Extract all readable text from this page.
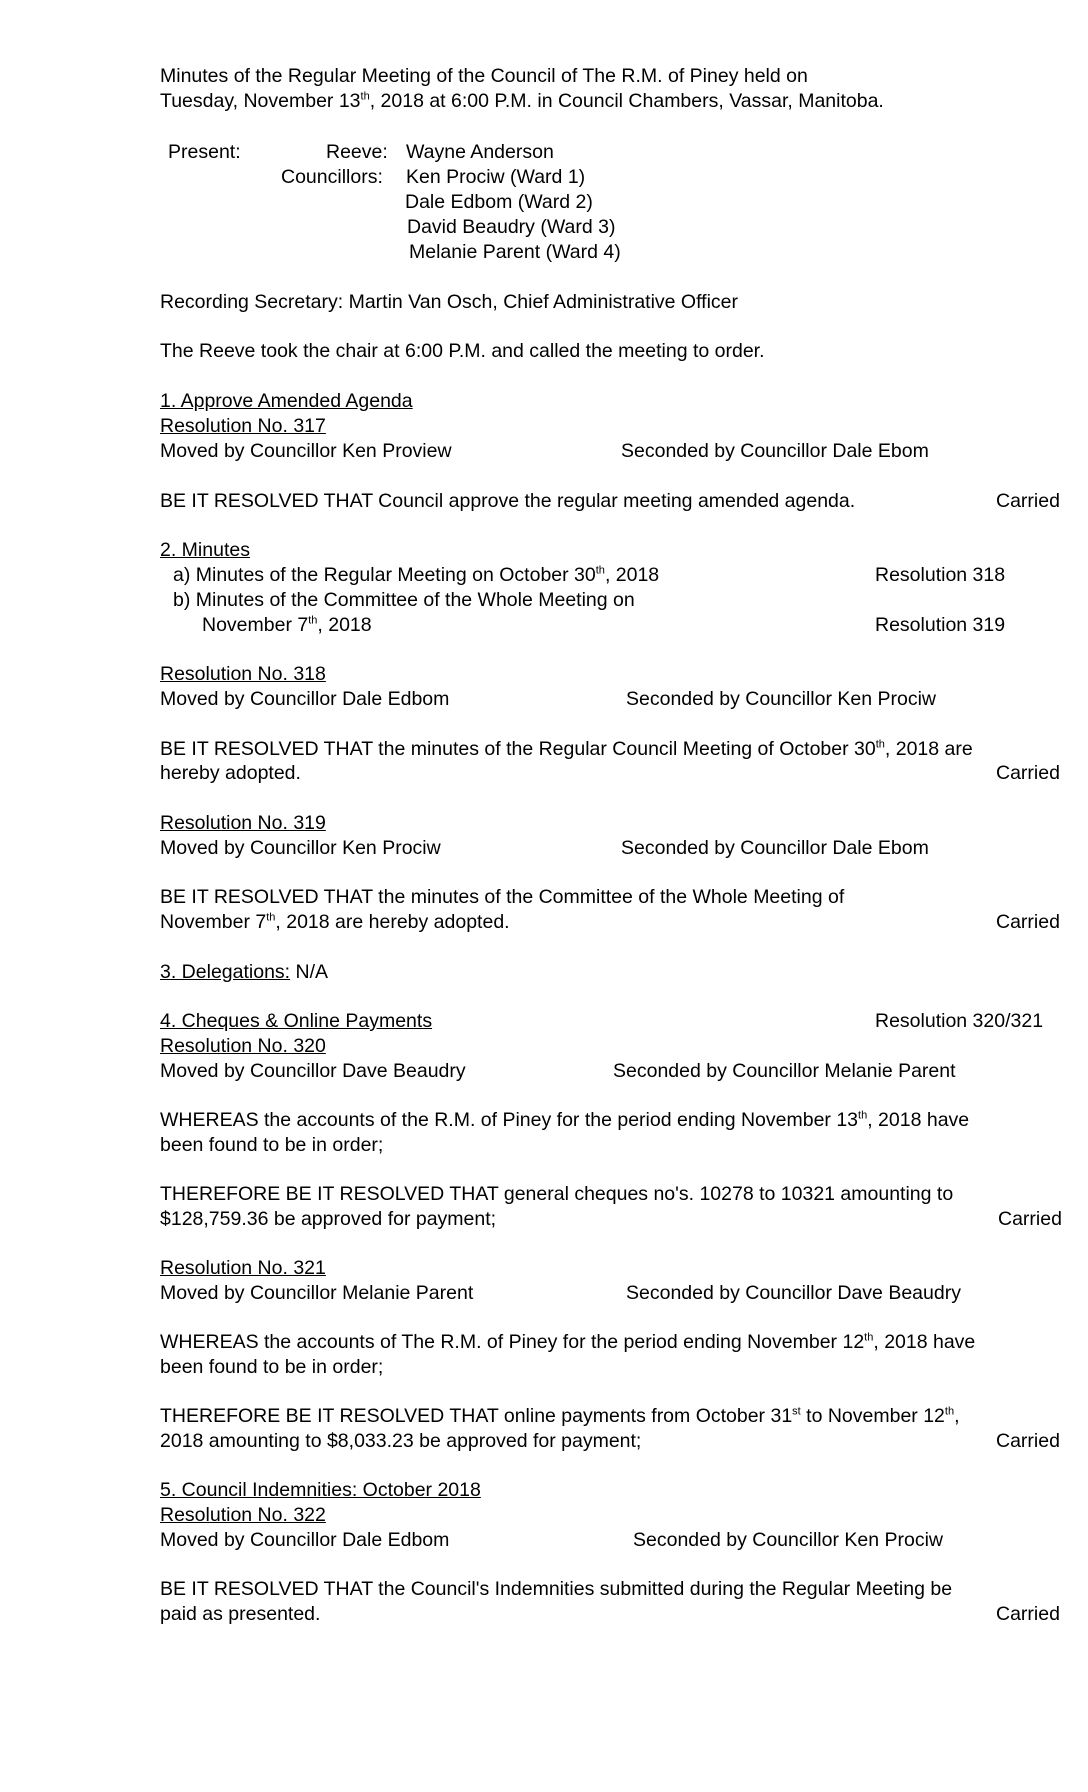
Minutes of the Regular Meeting of the Council of The R.M. of Piney held on
Tuesday, November 13th, 2018 at 6:00 P.M. in Council Chambers, Vassar, Manitoba.
Present:	Reeve: Wayne Anderson
Councillors: Ken Prociw (Ward 1)
Dale Edbom (Ward 2)
David Beaudry (Ward 3)
Melanie Parent (Ward 4)
Recording Secretary: Martin Van Osch, Chief Administrative Officer
The Reeve took the chair at 6:00 P.M. and called the meeting to order.
1. Approve Amended Agenda
Resolution No. 317
Moved by Councillor Ken Proview	Seconded by Councillor Dale Ebom
BE IT RESOLVED THAT Council approve the regular meeting amended agenda.	Carried
2. Minutes
a) Minutes of the Regular Meeting on October 30th, 2018	Resolution 318
b) Minutes of the Committee of the Whole Meeting on
November 7th, 2018	Resolution 319
Resolution No. 318
Moved by Councillor Dale Edbom	Seconded by Councillor Ken Prociw
BE IT RESOLVED THAT the minutes of the Regular Council Meeting of October 30th, 2018 are
hereby adopted.	Carried
Resolution No. 319
Moved by Councillor Ken Prociw	Seconded by Councillor Dale Ebom
BE IT RESOLVED THAT the minutes of the Committee of the Whole Meeting of
November 7th, 2018 are hereby adopted.	Carried
3. Delegations: N/A
4. Cheques & Online Payments	Resolution 320/321
Resolution No. 320
Moved by Councillor Dave Beaudry	Seconded by Councillor Melanie Parent
WHEREAS the accounts of the R.M. of Piney for the period ending November 13th, 2018 have
been found to be in order;
THEREFORE BE IT RESOLVED THAT general cheques no's. 10278 to 10321 amounting to
$128,759.36 be approved for payment;	Carried
Resolution No. 321
Moved by Councillor Melanie Parent	Seconded by Councillor Dave Beaudry
WHEREAS the accounts of The R.M. of Piney for the period ending November 12th, 2018 have
been found to be in order;
THEREFORE BE IT RESOLVED THAT online payments from October 31st to November 12th,
2018 amounting to $8,033.23 be approved for payment;	Carried
5. Council Indemnities: October 2018
Resolution No. 322
Moved by Councillor Dale Edbom	Seconded by Councillor Ken Prociw
BE IT RESOLVED THAT the Council's Indemnities submitted during the Regular Meeting be
paid as presented.	Carried
